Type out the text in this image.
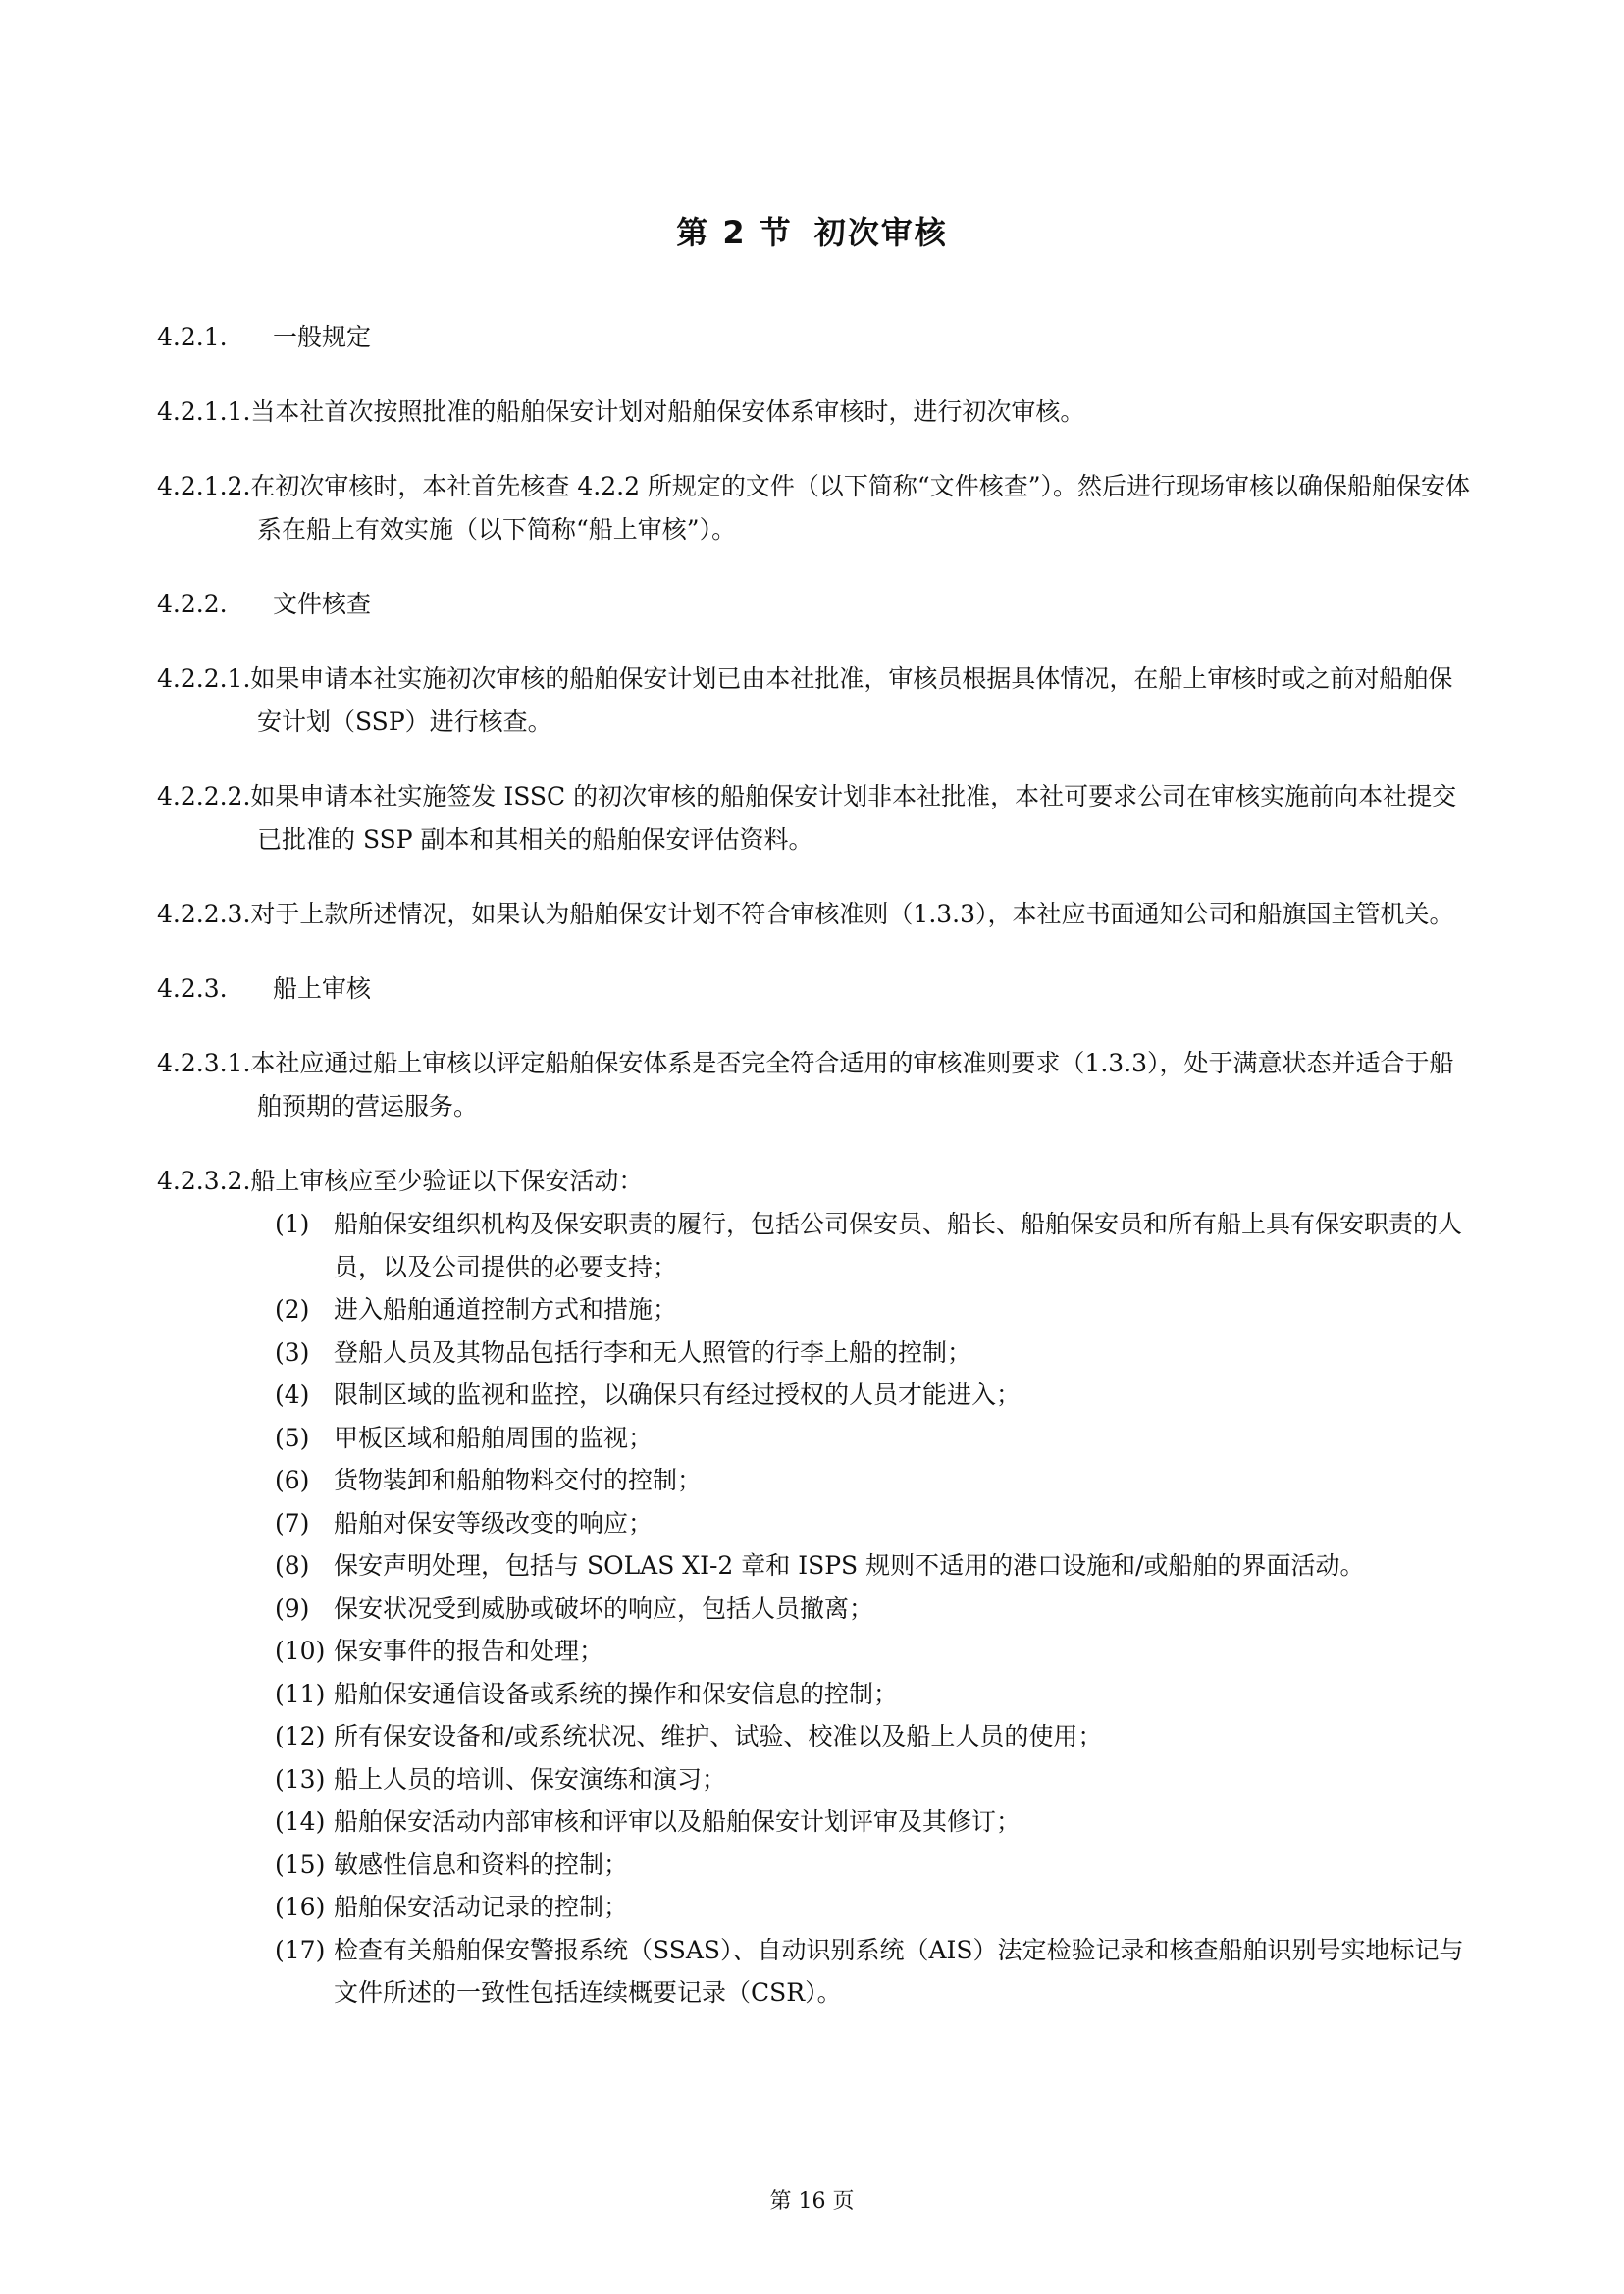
第 2 节 初次审核

4.2.1. 一般规定

4.2.1.1.当本社首次按照批准的船舶保安计划对船舶保安体系审核时，进行初次审核。

4.2.1.2.在初次审核时，本社首先核查 4.2.2 所规定的文件（以下简称“文件核查”）。然后进行现场审核以确保船舶保安体系在船上有效实施（以下简称“船上审核”）。

4.2.2. 文件核查

4.2.2.1.如果申请本社实施初次审核的船舶保安计划已由本社批准，审核员根据具体情况，在船上审核时或之前对船舶保安计划（SSP）进行核查。

4.2.2.2.如果申请本社实施签发 ISSC 的初次审核的船舶保安计划非本社批准，本社可要求公司在审核实施前向本社提交已批准的 SSP 副本和其相关的船舶保安评估资料。

4.2.2.3.对于上款所述情况，如果认为船舶保安计划不符合审核准则（1.3.3），本社应书面通知公司和船旗国主管机关。

4.2.3. 船上审核

4.2.3.1.本社应通过船上审核以评定船舶保安体系是否完全符合适用的审核准则要求（1.3.3），处于满意状态并适合于船舶预期的营运服务。

4.2.3.2.船上审核应至少验证以下保安活动：

(1) 船舶保安组织机构及保安职责的履行，包括公司保安员、船长、船舶保安员和所有船上具有保安职责的人员，以及公司提供的必要支持；
(2) 进入船舶通道控制方式和措施；
(3) 登船人员及其物品包括行李和无人照管的行李上船的控制；
(4) 限制区域的监视和监控，以确保只有经过授权的人员才能进入；
(5) 甲板区域和船舶周围的监视；
(6) 货物装卸和船舶物料交付的控制；
(7) 船舶对保安等级改变的响应；
(8) 保安声明处理，包括与 SOLAS XI-2 章和 ISPS 规则不适用的港口设施和/或船舶的界面活动。
(9) 保安状况受到威胁或破坏的响应，包括人员撤离；
(10) 保安事件的报告和处理；
(11) 船舶保安通信设备或系统的操作和保安信息的控制；
(12) 所有保安设备和/或系统状况、维护、试验、校准以及船上人员的使用；
(13) 船上人员的培训、保安演练和演习；
(14) 船舶保安活动内部审核和评审以及船舶保安计划评审及其修订；
(15) 敏感性信息和资料的控制；
(16) 船舶保安活动记录的控制；
(17) 检查有关船舶保安警报系统（SSAS）、自动识别系统（AIS）法定检验记录和核查船舶识别号实地标记与文件所述的一致性包括连续概要记录（CSR）。
第 16 页
